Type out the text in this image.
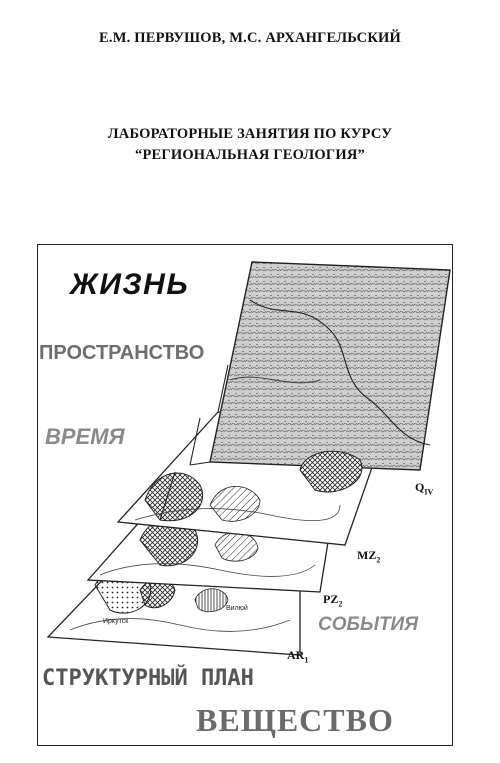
Е.М. ПЕРВУШОВ, М.С. АРХАНГЕЛЬСКИЙ
ЛАБОРАТОРНЫЕ ЗАНЯТИЯ ПО КУРСУ
“РЕГИОНАЛЬНАЯ ГЕОЛОГИЯ”
ЖИЗНЬ
ПРОСТРАНСТВО
ВРЕМЯ
СОБЫТИЯ
СТРУКТУРНЫЙ ПЛАН
ВЕЩЕСТВО
$Q_{IV}$
$MZ_2$
$PZ_2$
$AR_1$
Иркутск
Вилюй
